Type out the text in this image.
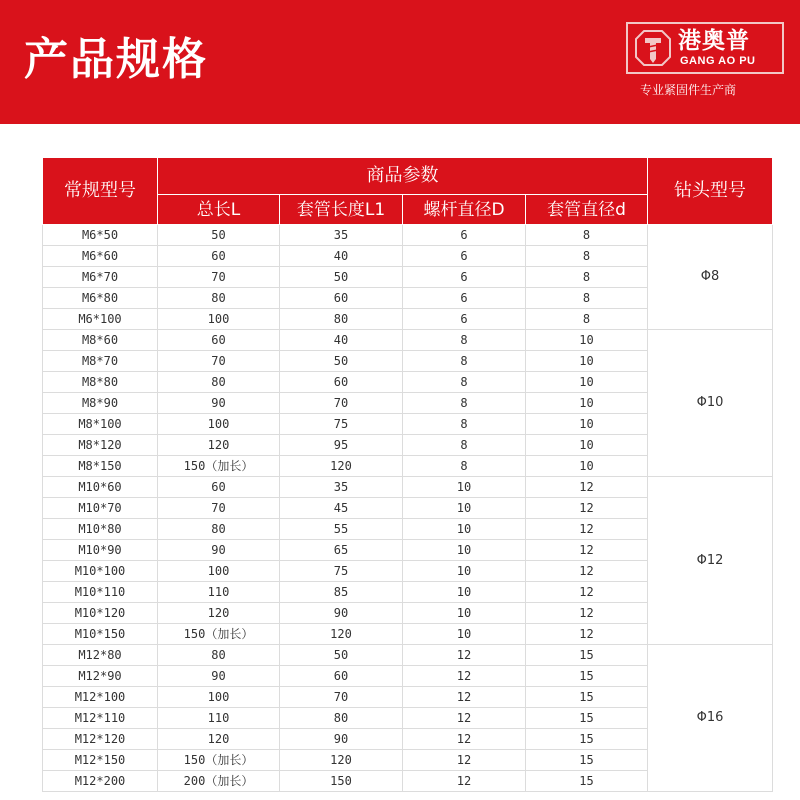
产品规格	港奥普
GANG AO PU
专业紧固件生产商
常规型号	商品参数				钻头型号
	总长L	套管长度L1	螺杆直径D	套管直径d	
M6*50	50	35	6	8	Φ8
M6*60	60	40	6	8	
M6*70	70	50	6	8	
M6*80	80	60	6	8	
M6*100	100	80	6	8	
M8*60	60	40	8	10	Φ10
M8*70	70	50	8	10	
M8*80	80	60	8	10	
M8*90	90	70	8	10	
M8*100	100	75	8	10	
M8*120	120	95	8	10	
M8*150	150（加长）	120	8	10	
M10*60	60	35	10	12	Φ12
M10*70	70	45	10	12	
M10*80	80	55	10	12	
M10*90	90	65	10	12	
M10*100	100	75	10	12	
M10*110	110	85	10	12	
M10*120	120	90	10	12	
M10*150	150（加长）	120	10	12	
M12*80	80	50	12	15	Φ16
M12*90	90	60	12	15	
M12*100	100	70	12	15	
M12*110	110	80	12	15	
M12*120	120	90	12	15	
M12*150	150（加长）	120	12	15	
M12*200	200（加长）	150	12	15	
